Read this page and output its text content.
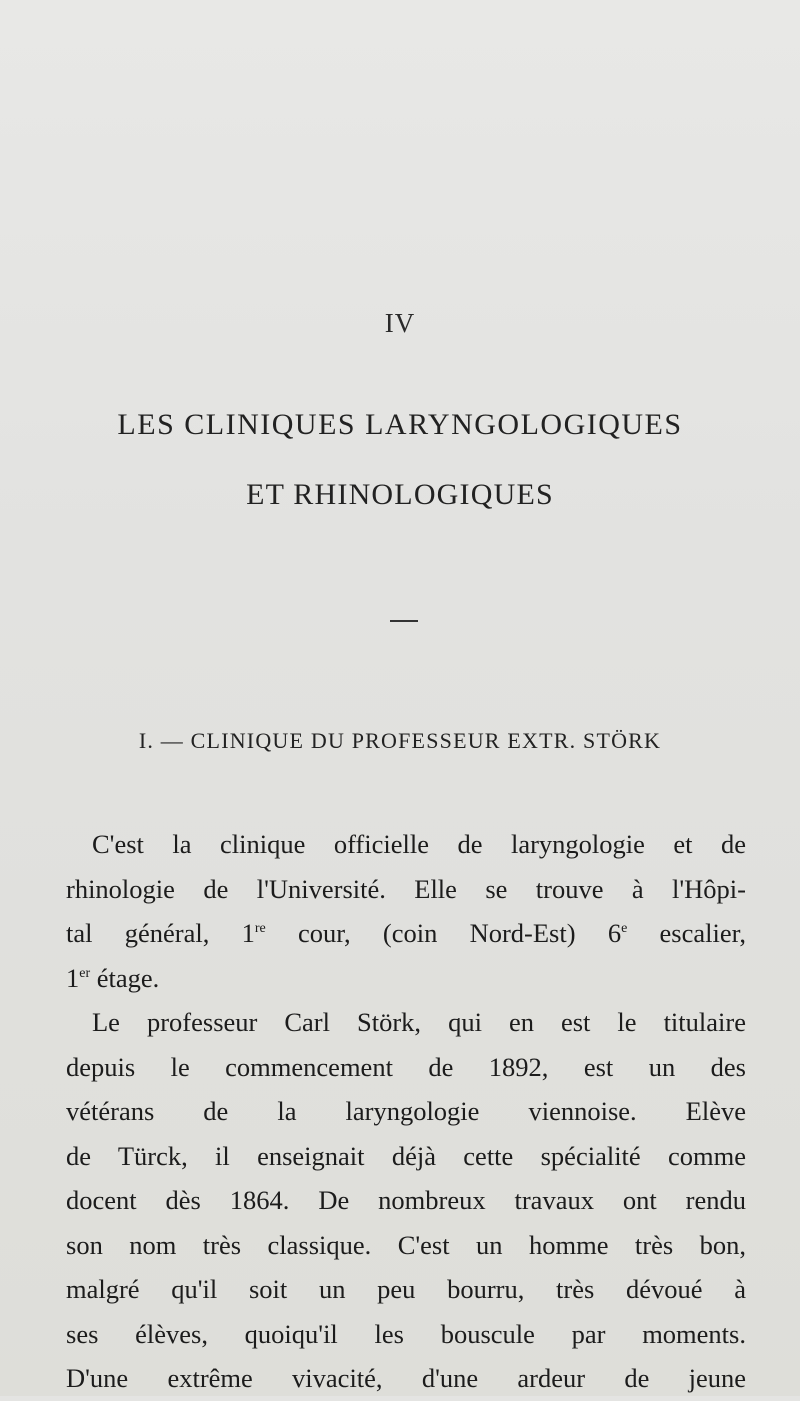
IV
LES CLINIQUES LARYNGOLOGIQUES
ET RHINOLOGIQUES
I. — CLINIQUE DU PROFESSEUR EXTR. STÖRK

C'est la clinique officielle de laryngologie et de
rhinologie de l'Université. Elle se trouve à l'Hôpi-
tal général, 1re cour, (coin Nord-Est) 6e escalier,
1er étage.

Le professeur Carl Störk, qui en est le titulaire
depuis le commencement de 1892, est un des
vétérans de la laryngologie viennoise. Elève
de Türck, il enseignait déjà cette spécialité comme
docent dès 1864. De nombreux travaux ont rendu
son nom très classique. C'est un homme très bon,
malgré qu'il soit un peu bourru, très dévoué à
ses élèves, quoiqu'il les bouscule par moments.
D'une extrême vivacité, d'une ardeur de jeune
